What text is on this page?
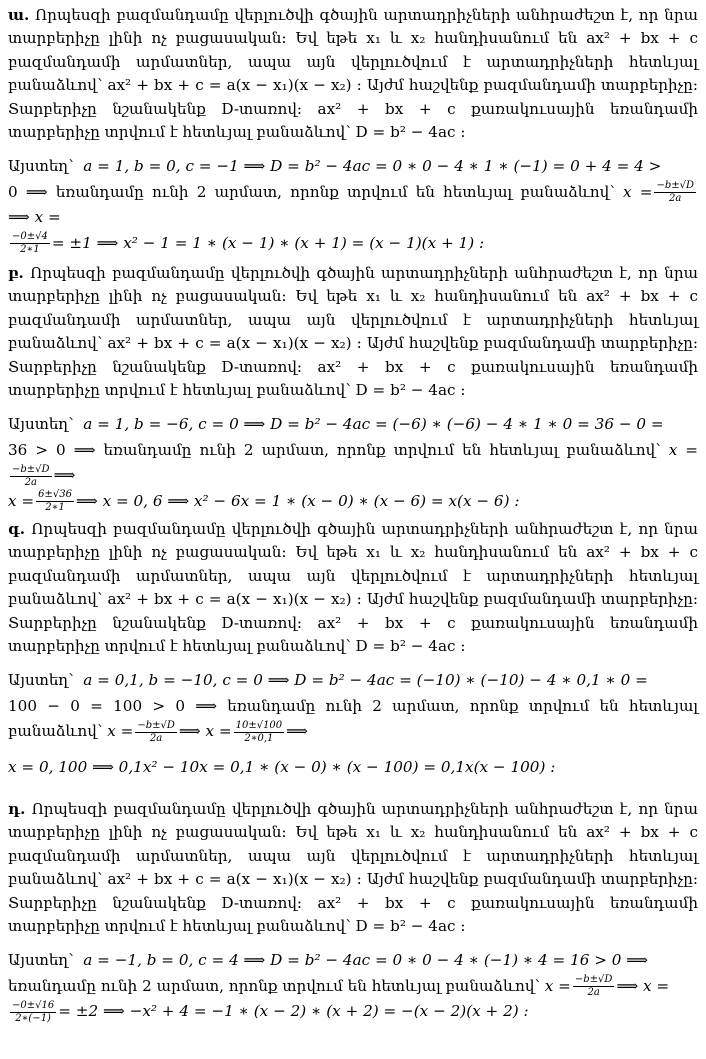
ա. Որպեսզի բազմանդամը վերլուծվի գծային արտադրիչների անհրաժեշտ է, որ նրա տարբերիչը լինի ոչ բացասական: Եվ եթե x₁ և x₂ հանդիսանում են ax² + bx + c բազմանդամի արմատներ, ապա այն վերլուծվում է արտադրիչների հետևյալ բանաձևով՝ ax² + bx + c = a(x − x₁)(x − x₂) : Այժմ հաշվենք բազմանդամի տարբերիչը: Տարբերիչը նշանակենք D-տառով: ax² + bx + c քառակուսային եռանդամի տարբերիչը տրվում է հետևյալ բանաձևով՝ D = b² − 4ac :

Այստեղ՝ a = 1, b = 0, c = −1 ⟹ D = b² − 4ac = 0 ∗ 0 − 4 ∗ 1 ∗ (−1) = 0 + 4 = 4 >

0 ⟹ եռանդամը ունի 2 արմատ, որոնք տրվում են հետևյալ բանաձևով՝ $x = \frac{-b\pm√D}{2a}$
⟹ x =

$\frac{-0\pm√4}{2∗1} = \pm 1$ ⟹ x² − 1 = 1 ∗ (x − 1) ∗ (x + 1) = (x − 1)(x + 1) :

բ. Որպեսզի բազմանդամը վերլուծվի գծային արտադրիչների անհրաժեշտ է, որ նրա տարբերիչը լինի ոչ բացասական: Եվ եթե x₁ և x₂ հանդիսանում են ax² + bx + c բազմանդամի արմատներ, ապա այն վերլուծվում է արտադրիչների հետևյալ բանաձևով՝ ax² + bx + c = a(x − x₁)(x − x₂) : Այժմ հաշվենք բազմանդամի տարբերիչը: Տարբերիչը նշանակենք D-տառով: ax² + bx + c քառակուսային եռանդամի տարբերիչը տրվում է հետևյալ բանաձևով՝ D = b² − 4ac :

Այստեղ՝ a = 1, b = −6, c = 0 ⟹ D = b² − 4ac = (−6) ∗ (−6) − 4 ∗ 1 ∗ 0 = 36 − 0 =

36 > 0 ⟹ եռանդամը ունի 2 արմատ, որոնք տրվում են հետևյալ բանաձևով՝ x =
$\frac{-b\pm√D}{2a}$ ⟹

$x = \frac{6\pm√36}{2∗1}$ ⟹ x = 0, 6 ⟹ x² − 6x = 1 ∗ (x − 0) ∗ (x − 6) = x(x − 6) :

գ. Որպեսզի բազմանդամը վերլուծվի գծային արտադրիչների անհրաժեշտ է, որ նրա տարբերիչը լինի ոչ բացասական: Եվ եթե x₁ և x₂ հանդիսանում են ax² + bx + c բազմանդամի արմատներ, ապա այն վերլուծվում է արտադրիչների հետևյալ բանաձևով՝ ax² + bx + c = a(x − x₁)(x − x₂) : Այժմ հաշվենք բազմանդամի տարբերիչը: Տարբերիչը նշանակենք D-տառով: ax² + bx + c քառակուսային եռանդամի տարբերիչը տրվում է հետևյալ բանաձևով՝ D = b² − 4ac :

Այստեղ՝ a = 0,1, b = −10, c = 0 ⟹ D = b² − 4ac = (−10) ∗ (−10) − 4 ∗ 0,1 ∗ 0 =

100 − 0 = 100 > 0 ⟹ եռանդամը ունի 2 արմատ, որոնք տրվում են հետևյալ բանաձևով՝ $x = \frac{-b\pm√D}{2a}$ ⟹ $x = \frac{10\pm√100}{2∗0,1}$ ⟹

x = 0, 100 ⟹ 0,1x² − 10x = 0,1 ∗ (x − 0) ∗ (x − 100) = 0,1x(x − 100) :

դ. Որպեսզի բազմանդամը վերլուծվի գծային արտադրիչների անհրաժեշտ է, որ նրա տարբերիչը լինի ոչ բացասական: Եվ եթե x₁ և x₂ հանդիսանում են ax² + bx + c բազմանդամի արմատներ, ապա այն վերլուծվում է արտադրիչների հետևյալ բանաձևով՝ ax² + bx + c = a(x − x₁)(x − x₂) : Այժմ հաշվենք բազմանդամի տարբերիչը: Տարբերիչը նշանակենք D-տառով: ax² + bx + c քառակուսային եռանդամի տարբերիչը տրվում է հետևյալ բանաձևով՝ D = b² − 4ac :

Այստեղ՝ a = −1, b = 0, c = 4 ⟹ D = b² − 4ac = 0 ∗ 0 − 4 ∗ (−1) ∗ 4 = 16 > 0 ⟹

եռանդամը ունի 2 արմատ, որոնք տրվում են հետևյալ բանաձևով՝ $x = \frac{-b\pm√D}{2a}$ ⟹ x =

$\frac{-0\pm√16}{2∗(-1)} = \pm 2$ ⟹ −x² + 4 = −1 ∗ (x − 2) ∗ (x + 2) = −(x − 2)(x + 2) :
